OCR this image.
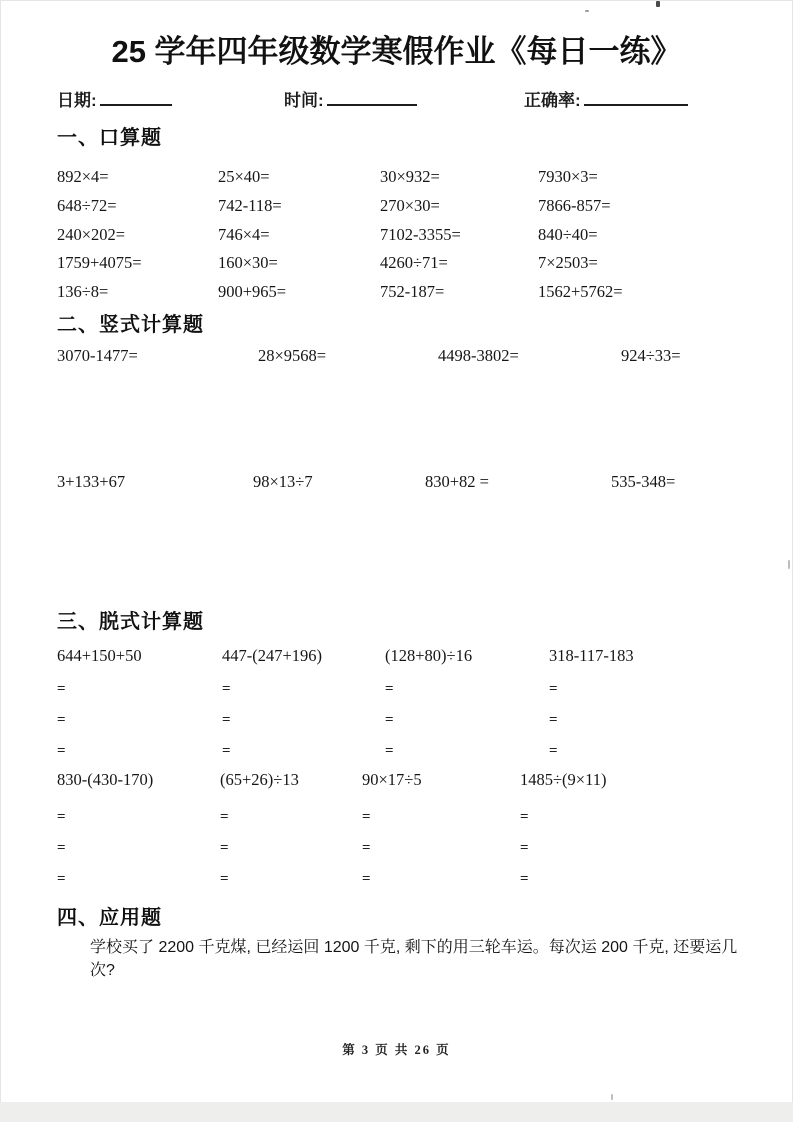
25 学年四年级数学寒假作业《每日一练》
日期:	时间:	正确率:
一、口算题
892×4=	25×40=	30×932=	7930×3=
648÷72=	742-118=	270×30=	7866-857=
240×202=	746×4=	7102-3355=	840÷40=
1759+4075=	160×30=	4260÷71=	7×2503=
136÷8=	900+965=	752-187=	1562+5762=
二、竖式计算题
3070-1477=	28×9568=	4498-3802=	924÷33=
3+133+67	98×13÷7	830+82 =	535-348=
三、脱式计算题
644+150+50	447-(247+196)	(128+80)÷16	318-117-183
=	=	=	=
=	=	=	=
=	=	=	=
830-(430-170)	(65+26)÷13	90×17÷5	1485÷(9×11)
=	=	=	=
=	=	=	=
=	=	=	=
四、应用题
学校买了 2200 千克煤, 已经运回 1200 千克, 剩下的用三轮车运。每次运 200 千克, 还要运几次?
第 3 页 共 26 页
